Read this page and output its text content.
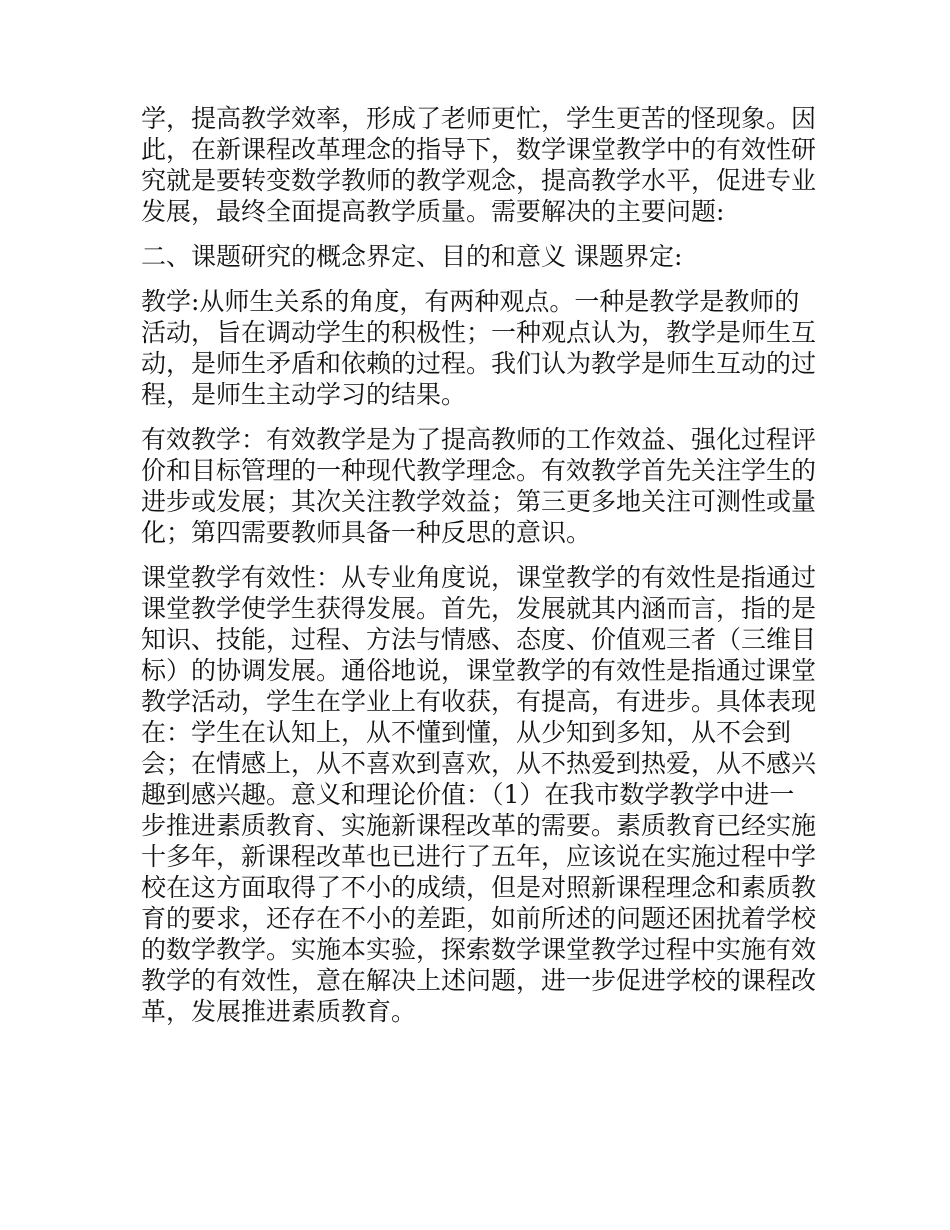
学，提高教学效率，形成了老师更忙，学生更苦的怪现象。因
此，在新课程改革理念的指导下，数学课堂教学中的有效性研
究就是要转变数学教师的教学观念，提高教学水平，促进专业
发展，最终全面提高教学质量。需要解决的主要问题:

二、课题研究的概念界定、目的和意义 课题界定:

教学:从师生关系的角度，有两种观点。一种是教学是教师的
活动，旨在调动学生的积极性；一种观点认为，教学是师生互
动，是师生矛盾和依赖的过程。我们认为教学是师生互动的过
程，是师生主动学习的结果。

有效教学：有效教学是为了提高教师的工作效益、强化过程评
价和目标管理的一种现代教学理念。有效教学首先关注学生的
进步或发展；其次关注教学效益；第三更多地关注可测性或量
化；第四需要教师具备一种反思的意识。

课堂教学有效性：从专业角度说，课堂教学的有效性是指通过
课堂教学使学生获得发展。首先，发展就其内涵而言，指的是
知识、技能，过程、方法与情感、态度、价值观三者（三维目
标）的协调发展。通俗地说，课堂教学的有效性是指通过课堂
教学活动，学生在学业上有收获，有提高，有进步。具体表现
在：学生在认知上，从不懂到懂，从少知到多知，从不会到
会；在情感上，从不喜欢到喜欢，从不热爱到热爱，从不感兴
趣到感兴趣。意义和理论价值：（1）在我市数学教学中进一
步推进素质教育、实施新课程改革的需要。素质教育已经实施
十多年，新课程改革也已进行了五年，应该说在实施过程中学
校在这方面取得了不小的成绩，但是对照新课程理念和素质教
育的要求，还存在不小的差距，如前所述的问题还困扰着学校
的数学教学。实施本实验，探索数学课堂教学过程中实施有效
教学的有效性，意在解决上述问题，进一步促进学校的课程改
革，发展推进素质教育。
